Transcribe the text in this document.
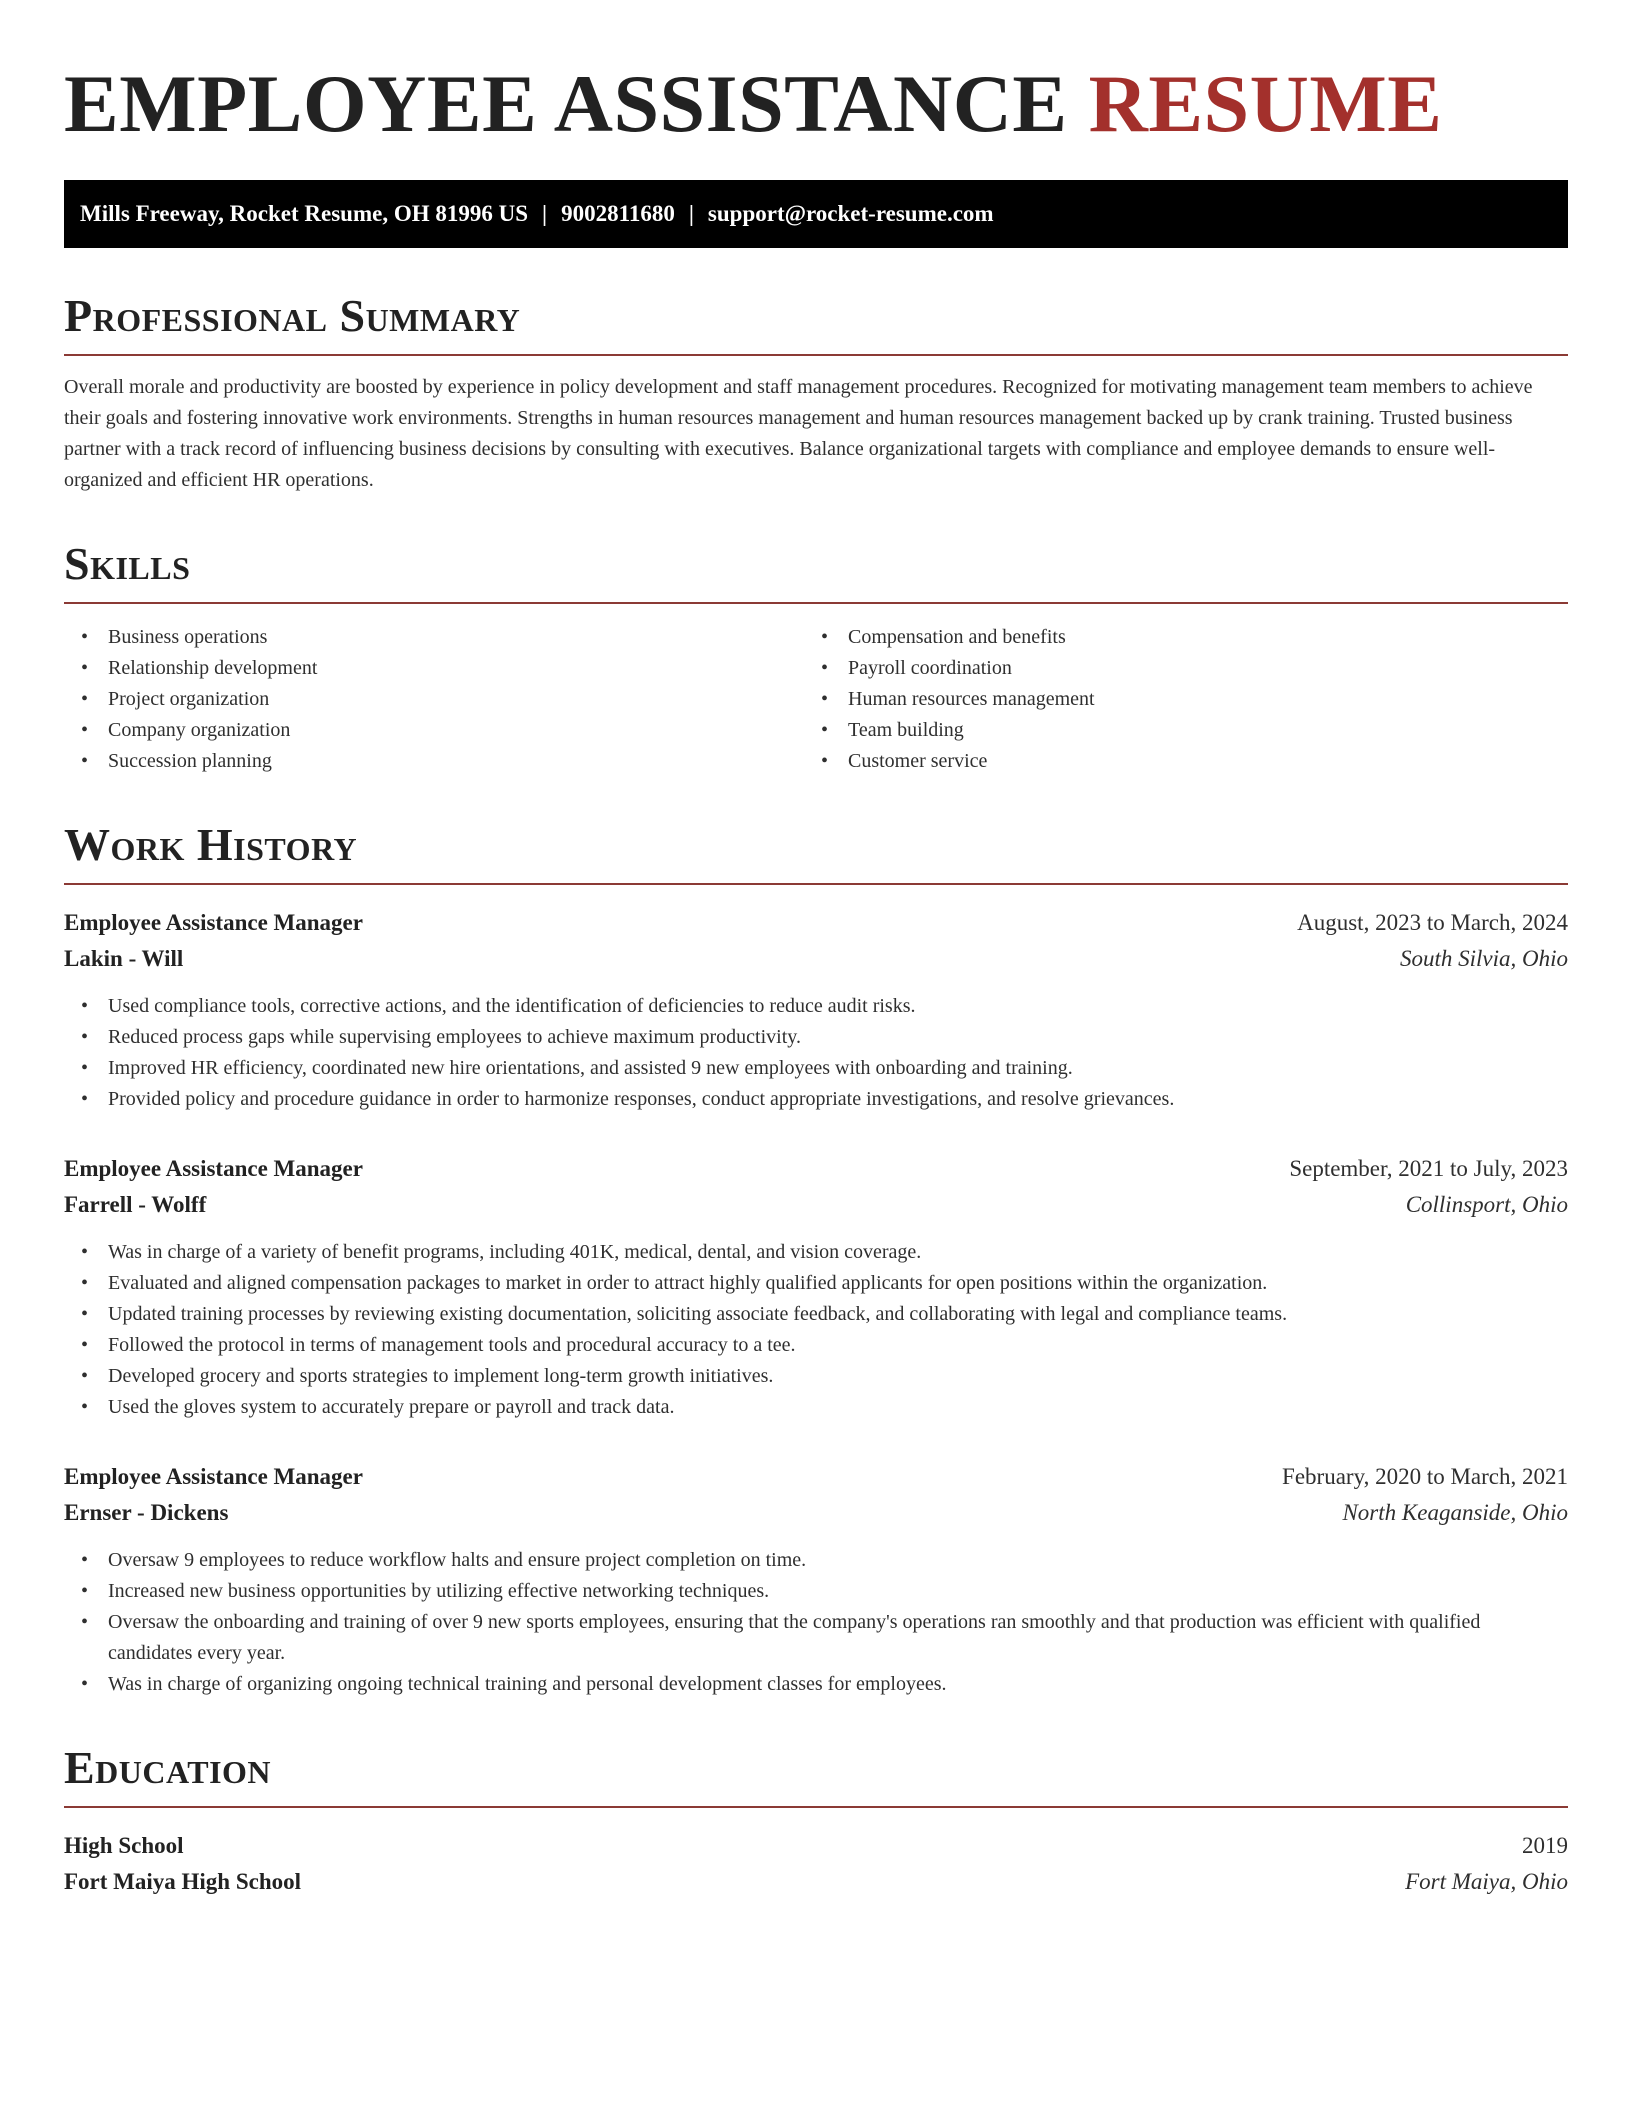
EMPLOYEE ASSISTANCE RESUME
Mills Freeway, Rocket Resume, OH 81996 US | 9002811680 | support@rocket-resume.com
Professional Summary

Overall morale and productivity are boosted by experience in policy development and staff management procedures. Recognized for motivating management team members to achieve their goals and fostering innovative work environments. Strengths in human resources management and human resources management backed up by crank training. Trusted business partner with a track record of influencing business decisions by consulting with executives. Balance organizational targets with compliance and employee demands to ensure well-organized and efficient HR operations.

Skills
• Business operations
• Relationship development
• Project organization
• Company organization
• Succession planning
• Compensation and benefits
• Payroll coordination
• Human resources management
• Team building
• Customer service
Work History
Employee Assistance Manager	August, 2023 to March, 2024
Lakin - Will	South Silvia, Ohio
• Used compliance tools, corrective actions, and the identification of deficiencies to reduce audit risks.
• Reduced process gaps while supervising employees to achieve maximum productivity.
• Improved HR efficiency, coordinated new hire orientations, and assisted 9 new employees with onboarding and training.
• Provided policy and procedure guidance in order to harmonize responses, conduct appropriate investigations, and resolve grievances.
Employee Assistance Manager	September, 2021 to July, 2023
Farrell - Wolff	Collinsport, Ohio
• Was in charge of a variety of benefit programs, including 401K, medical, dental, and vision coverage.
• Evaluated and aligned compensation packages to market in order to attract highly qualified applicants for open positions within the organization.
• Updated training processes by reviewing existing documentation, soliciting associate feedback, and collaborating with legal and compliance teams.
• Followed the protocol in terms of management tools and procedural accuracy to a tee.
• Developed grocery and sports strategies to implement long-term growth initiatives.
• Used the gloves system to accurately prepare or payroll and track data.
Employee Assistance Manager	February, 2020 to March, 2021
Ernser - Dickens	North Keaganside, Ohio
• Oversaw 9 employees to reduce workflow halts and ensure project completion on time.
• Increased new business opportunities by utilizing effective networking techniques.
• Oversaw the onboarding and training of over 9 new sports employees, ensuring that the company's operations ran smoothly and that production was efficient with qualified candidates every year.
• Was in charge of organizing ongoing technical training and personal development classes for employees.
Education
High School	2019
Fort Maiya High School	Fort Maiya, Ohio
